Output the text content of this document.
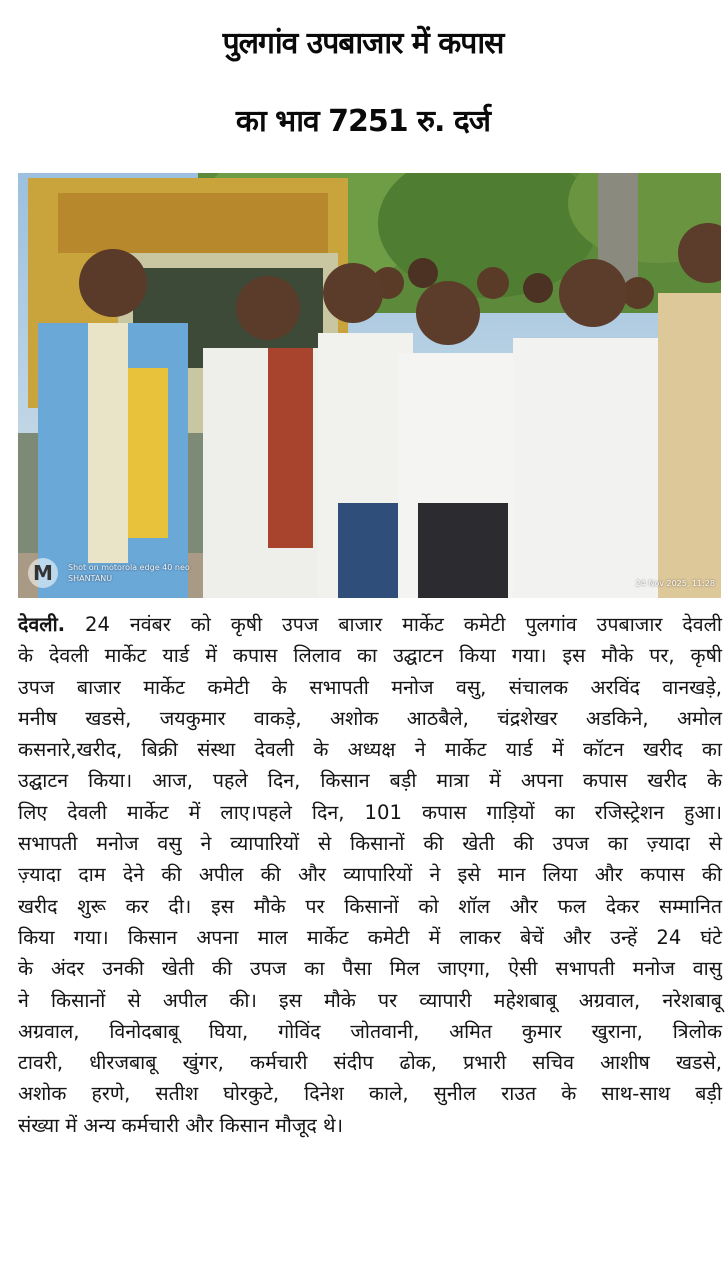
पुलगांव उपबाजार में कपास
का भाव 7251 रु. दर्ज
M	Shot on motorola edge 40 neo
SHANTANU
24 Nov 2025, 11:28
देवली. 24 नवंबर को कृषी उपज बाजार मार्केट कमेटी पुलगांव उपबाजार देवली
के देवली मार्केट यार्ड में कपास लिलाव का उद्घाटन किया गया। इस मौके पर, कृषी
उपज बाजार मार्केट कमेटी के सभापती मनोज वसु, संचालक अरविंद वानखड़े,
मनीष खडसे, जयकुमार वाकड़े, अशोक आठबैले, चंद्रशेखर अडकिने, अमोल
कसनारे,खरीद, बिक्री संस्था देवली के अध्यक्ष ने मार्केट यार्ड में कॉटन खरीद का
उद्घाटन किया। आज, पहले दिन, किसान बड़ी मात्रा में अपना कपास खरीद के
लिए देवली मार्केट में लाए।पहले दिन, 101 कपास गाड़ियों का रजिस्ट्रेशन हुआ।
सभापती मनोज वसु ने व्यापारियों से किसानों की खेती की उपज का ज़्यादा से
ज़्यादा दाम देने की अपील की और व्यापारियों ने इसे मान लिया और कपास की
खरीद शुरू कर दी। इस मौके पर किसानों को शॉल और फल देकर सम्मानित
किया गया। किसान अपना माल मार्केट कमेटी में लाकर बेचें और उन्हें 24 घंटे
के अंदर उनकी खेती की उपज का पैसा मिल जाएगा, ऐसी सभापती मनोज वासु
ने किसानों से अपील की। इस मौके पर व्यापारी महेशबाबू अग्रवाल, नरेशबाबू
अग्रवाल, विनोदबाबू घिया, गोविंद जोतवानी, अमित कुमार खुराना, त्रिलोक
टावरी, धीरजबाबू खुंगर, कर्मचारी संदीप ढोक, प्रभारी सचिव आशीष खडसे,
अशोक हरणे, सतीश घोरकुटे, दिनेश काले, सुनील राउत के साथ-साथ बड़ी
संख्या में अन्य कर्मचारी और किसान मौजूद थे।
